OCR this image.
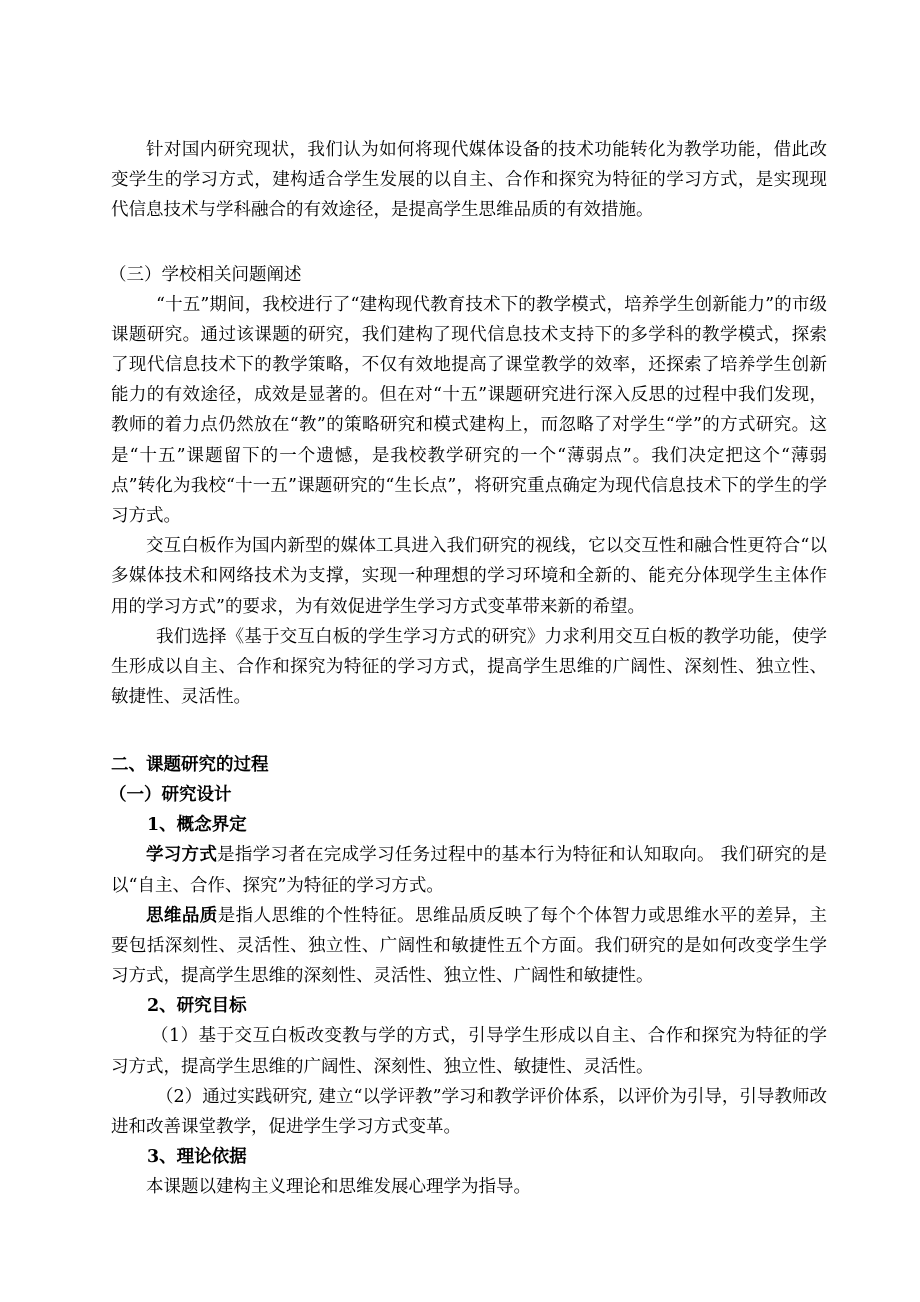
针对国内研究现状，我们认为如何将现代媒体设备的技术功能转化为教学功能，借此改变学生的学习方式，建构适合学生发展的以自主、合作和探究为特征的学习方式，是实现现代信息技术与学科融合的有效途径，是提高学生思维品质的有效措施。

（三）学校相关问题阐述

“十五”期间，我校进行了“建构现代教育技术下的教学模式，培养学生创新能力”的市级课题研究。通过该课题的研究，我们建构了现代信息技术支持下的多学科的教学模式，探索了现代信息技术下的教学策略，不仅有效地提高了课堂教学的效率，还探索了培养学生创新能力的有效途径，成效是显著的。但在对“十五”课题研究进行深入反思的过程中我们发现，教师的着力点仍然放在“教”的策略研究和模式建构上，而忽略了对学生“学”的方式研究。这是“十五”课题留下的一个遗憾，是我校教学研究的一个“薄弱点”。我们决定把这个“薄弱点”转化为我校“十一五”课题研究的“生长点”，将研究重点确定为现代信息技术下的学生的学习方式。

交互白板作为国内新型的媒体工具进入我们研究的视线，它以交互性和融合性更符合“以多媒体技术和网络技术为支撑，实现一种理想的学习环境和全新的、能充分体现学生主体作用的学习方式”的要求，为有效促进学生学习方式变革带来新的希望。

我们选择《基于交互白板的学生学习方式的研究》力求利用交互白板的教学功能，使学生形成以自主、合作和探究为特征的学习方式，提高学生思维的广阔性、深刻性、独立性、敏捷性、灵活性。

二、课题研究的过程

（一）研究设计

1、概念界定

学习方式是指学习者在完成学习任务过程中的基本行为特征和认知取向。 我们研究的是以“自主、合作、探究”为特征的学习方式。

思维品质是指人思维的个性特征。思维品质反映了每个个体智力或思维水平的差异，主要包括深刻性、灵活性、独立性、广阔性和敏捷性五个方面。我们研究的是如何改变学生学习方式，提高学生思维的深刻性、灵活性、独立性、广阔性和敏捷性。

2、研究目标

（1）基于交互白板改变教与学的方式，引导学生形成以自主、合作和探究为特征的学习方式，提高学生思维的广阔性、深刻性、独立性、敏捷性、灵活性。

（2）通过实践研究, 建立“以学评教”学习和教学评价体系，以评价为引导，引导教师改进和改善课堂教学，促进学生学习方式变革。

3、理论依据

本课题以建构主义理论和思维发展心理学为指导。
